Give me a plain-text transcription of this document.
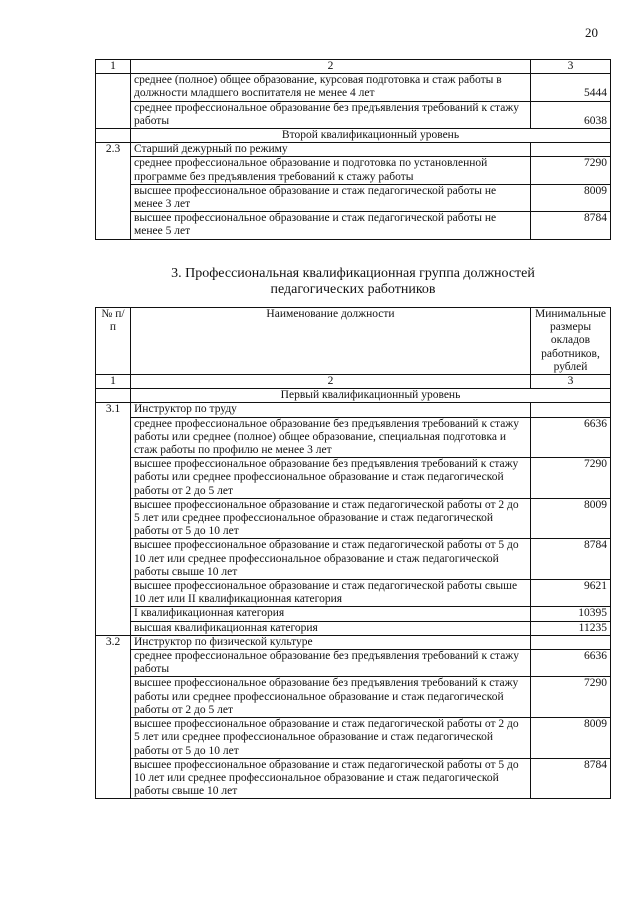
20
1	2	3
	среднее (полное) общее образование, курсовая подготовка и стаж работы в должности младшего воспитателя не менее 4 лет	5444
	среднее профессиональное образование без предъявления требований к стажу работы	6038
	Второй квалификационный уровень	
2.3	Старший дежурный по режиму	
	среднее профессиональное образование и подготовка по установленной программе без предъявления требований к стажу работы	7290
	высшее профессиональное образование и стаж педагогической работы не менее 3 лет	8009
	высшее профессиональное образование и стаж педагогической работы не менее 5 лет	8784
3. Профессиональная квалификационная группа должностей
педагогических работников
№ п/п	Наименование должности	Минимальные размеры окладов работников, рублей
1	2	3
	Первый квалификационный уровень	
3.1	Инструктор по труду	
	среднее профессиональное образование без предъявления требований к стажу работы или среднее (полное) общее образование, специальная подготовка и стаж работы по профилю не менее 3 лет	6636
	высшее профессиональное образование без предъявления требований к стажу работы или среднее профессиональное образование и стаж педагогической работы от 2 до 5 лет	7290
	высшее профессиональное образование и стаж педагогической работы от 2 до 5 лет или среднее профессиональное образование и стаж педагогической работы от 5 до 10 лет	8009
	высшее профессиональное образование и стаж педагогической работы от 5 до 10 лет или среднее профессиональное образование и стаж педагогической работы свыше 10 лет	8784
	высшее профессиональное образование и стаж педагогической работы свыше 10 лет или II квалификационная категория	9621
	I квалификационная категория	10395
	высшая квалификационная категория	11235
3.2	Инструктор по физической культуре	
	среднее профессиональное образование без предъявления требований к стажу работы	6636
	высшее профессиональное образование без предъявления требований к стажу работы или среднее профессиональное образование и стаж педагогической работы от 2 до 5 лет	7290
	высшее профессиональное образование и стаж педагогической работы от 2 до 5 лет или среднее профессиональное образование и стаж педагогической работы от 5 до 10 лет	8009
	высшее профессиональное образование и стаж педагогической работы от 5 до 10 лет или среднее профессиональное образование и стаж педагогической работы свыше 10 лет	8784
